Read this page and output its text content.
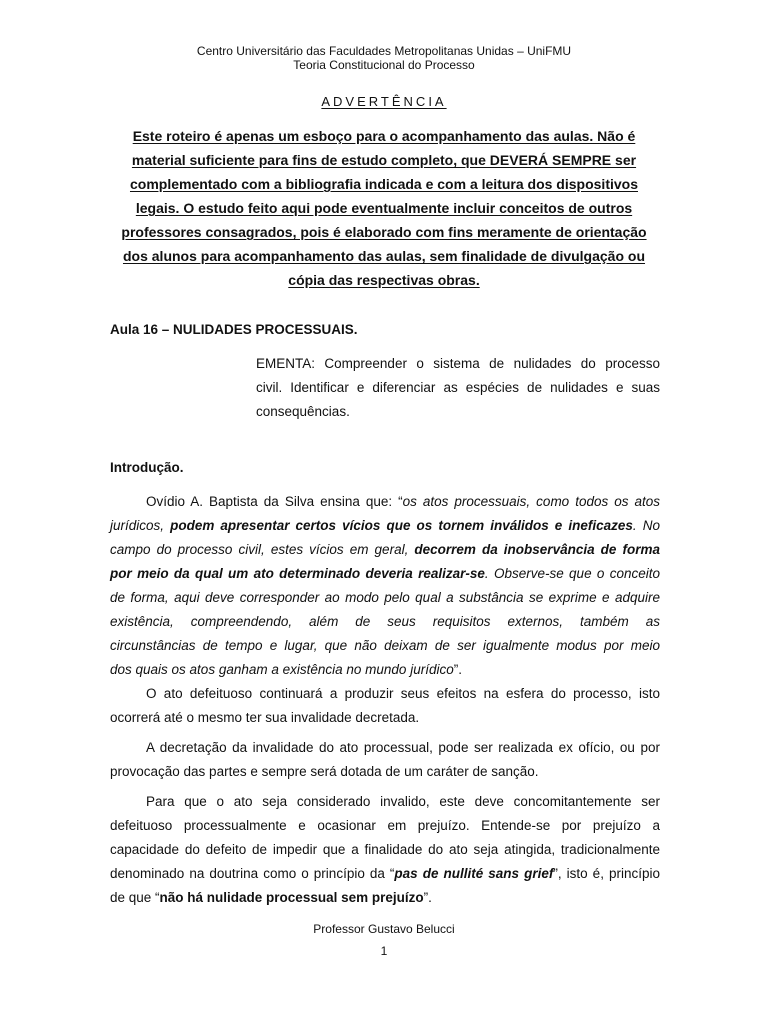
Centro Universitário das Faculdades Metropolitanas Unidas – UniFMU
Teoria Constitucional do Processo
ADVERTÊNCIA
Este roteiro é apenas um esboço para o acompanhamento das aulas. Não é
material suficiente para fins de estudo completo, que DEVERÁ SEMPRE ser
complementado com a bibliografia indicada e com a leitura dos dispositivos
legais. O estudo feito aqui pode eventualmente incluir conceitos de outros
professores consagrados, pois é elaborado com fins meramente de orientação
dos alunos para acompanhamento das aulas, sem finalidade de divulgação ou
cópia das respectivas obras.
Aula 16 – NULIDADES PROCESSUAIS.
EMENTA: Compreender o sistema de nulidades do processo
civil. Identificar e diferenciar as espécies de nulidades e suas
consequências.
Introdução.
Ovídio A. Baptista da Silva ensina que: “os atos processuais, como todos os atos
jurídicos, podem apresentar certos vícios que os tornem inválidos e ineficazes. No
campo do processo civil, estes vícios em geral, decorrem da inobservância de forma
por meio da qual um ato determinado deveria realizar-se. Observe-se que o conceito
de forma, aqui deve corresponder ao modo pelo qual a substância se exprime e adquire
existência, compreendendo, além de seus requisitos externos, também as
circunstâncias de tempo e lugar, que não deixam de ser igualmente modus por meio
dos quais os atos ganham a existência no mundo jurídico”.
O ato defeituoso continuará a produzir seus efeitos na esfera do processo, isto
ocorrerá até o mesmo ter sua invalidade decretada.
A decretação da invalidade do ato processual, pode ser realizada ex ofício, ou por
provocação das partes e sempre será dotada de um caráter de sanção.
Para que o ato seja considerado invalido, este deve concomitantemente ser
defeituoso processualmente e ocasionar em prejuízo. Entende-se por prejuízo a
capacidade do defeito de impedir que a finalidade do ato seja atingida, tradicionalmente
denominado na doutrina como o princípio da “pas de nullité sans grief”, isto é, princípio
de que “não há nulidade processual sem prejuízo”.
Professor Gustavo Belucci
1
